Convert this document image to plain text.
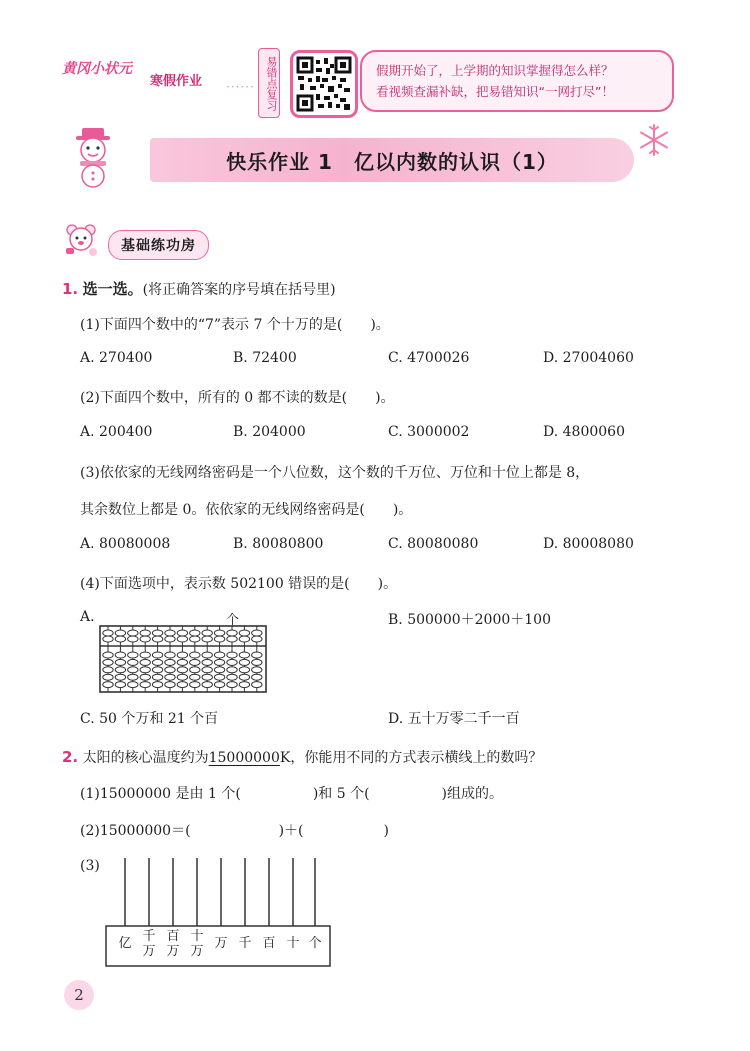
黄冈小状元
寒假作业 ······ 易错点复习	假期开始了，上学期的知识掌握得怎么样？
看视频查漏补缺，把易错知识“一网打尽”！
快乐作业 1　亿以内数的认识（1）
基础练功房
1. 选一选。(将正确答案的序号填在括号里)
(1)下面四个数中的“7”表示 7 个十万的是(　　)。
A. 270400	B. 72400	C. 4700026	D. 27004060
(2)下面四个数中，所有的 0 都不读的数是(　　)。
A. 200400	B. 204000	C. 3000002	D. 4800060
(3)依依家的无线网络密码是一个八位数，这个数的千万位、万位和十位上都是 8，
其余数位上都是 0。依依家的无线网络密码是(　　)。
A. 80080008	B. 80080800	C. 80080080	D. 80008080
(4)下面选项中，表示数 502100 错误的是(　　)。
A.	个	B. 500000＋2000＋100
C. 50 个万和 21 个百	D. 五十万零二千一百
2. 太阳的核心温度约为15000000K，你能用不同的方式表示横线上的数吗？
(1)15000000 是由 1 个(	)和 5 个(	)组成的。
(2)15000000＝(	)＋(	)
(3)
亿 千万
百万
十万
万 千 百 十 个
2
